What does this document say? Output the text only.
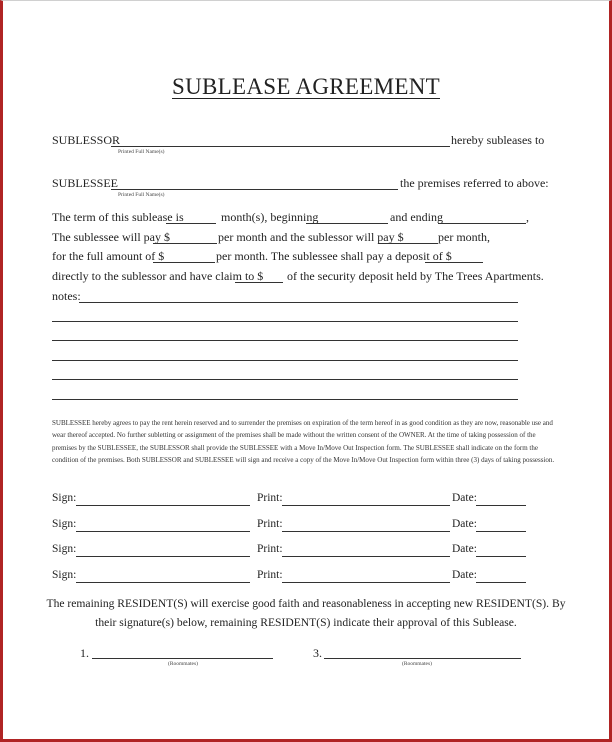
SUBLEASE AGREEMENT
SUBLESSOR	hereby subleases to
Printed Full Name(s)
SUBLESSEE	the premises referred to above:
Printed Full Name(s)
The term of this sublease is	month(s), beginning	and ending	,
The sublessee will pay $	per month and the sublessor will pay $	per month,
for the full amount of $	per month. The sublessee shall pay a deposit of $
directly to the sublessor and have claim to $ of the security deposit held by The Trees Apartments.
notes:
SUBLESSEE hereby agrees to pay the rent herein reserved and to surrender the premises on expiration of the term hereof in as good condition as they are now, reasonable use and wear thereof accepted. No further subletting or assignment of the premises shall be made without the written consent of the OWNER. At the time of taking possession of the premises by the SUBLESSEE, the SUBLESSOR shall provide the SUBLESSEE with a Move In/Move Out Inspection form. The SUBLESSEE shall indicate on the form the condition of the premises. Both SUBLESSOR and SUBLESSEE will sign and receive a copy of the Move In/Move Out Inspection form within three (3) days of taking possession.
Sign:	Print:	Date:
Sign:	Print:	Date:
Sign:	Print:	Date:
Sign:	Print:	Date:
The remaining RESIDENT(S) will exercise good faith and reasonableness in accepting new RESIDENT(S). By their signature(s) below, remaining RESIDENT(S) indicate their approval of this Sublease.
1.
(Roommates)
3.
(Roommates)
